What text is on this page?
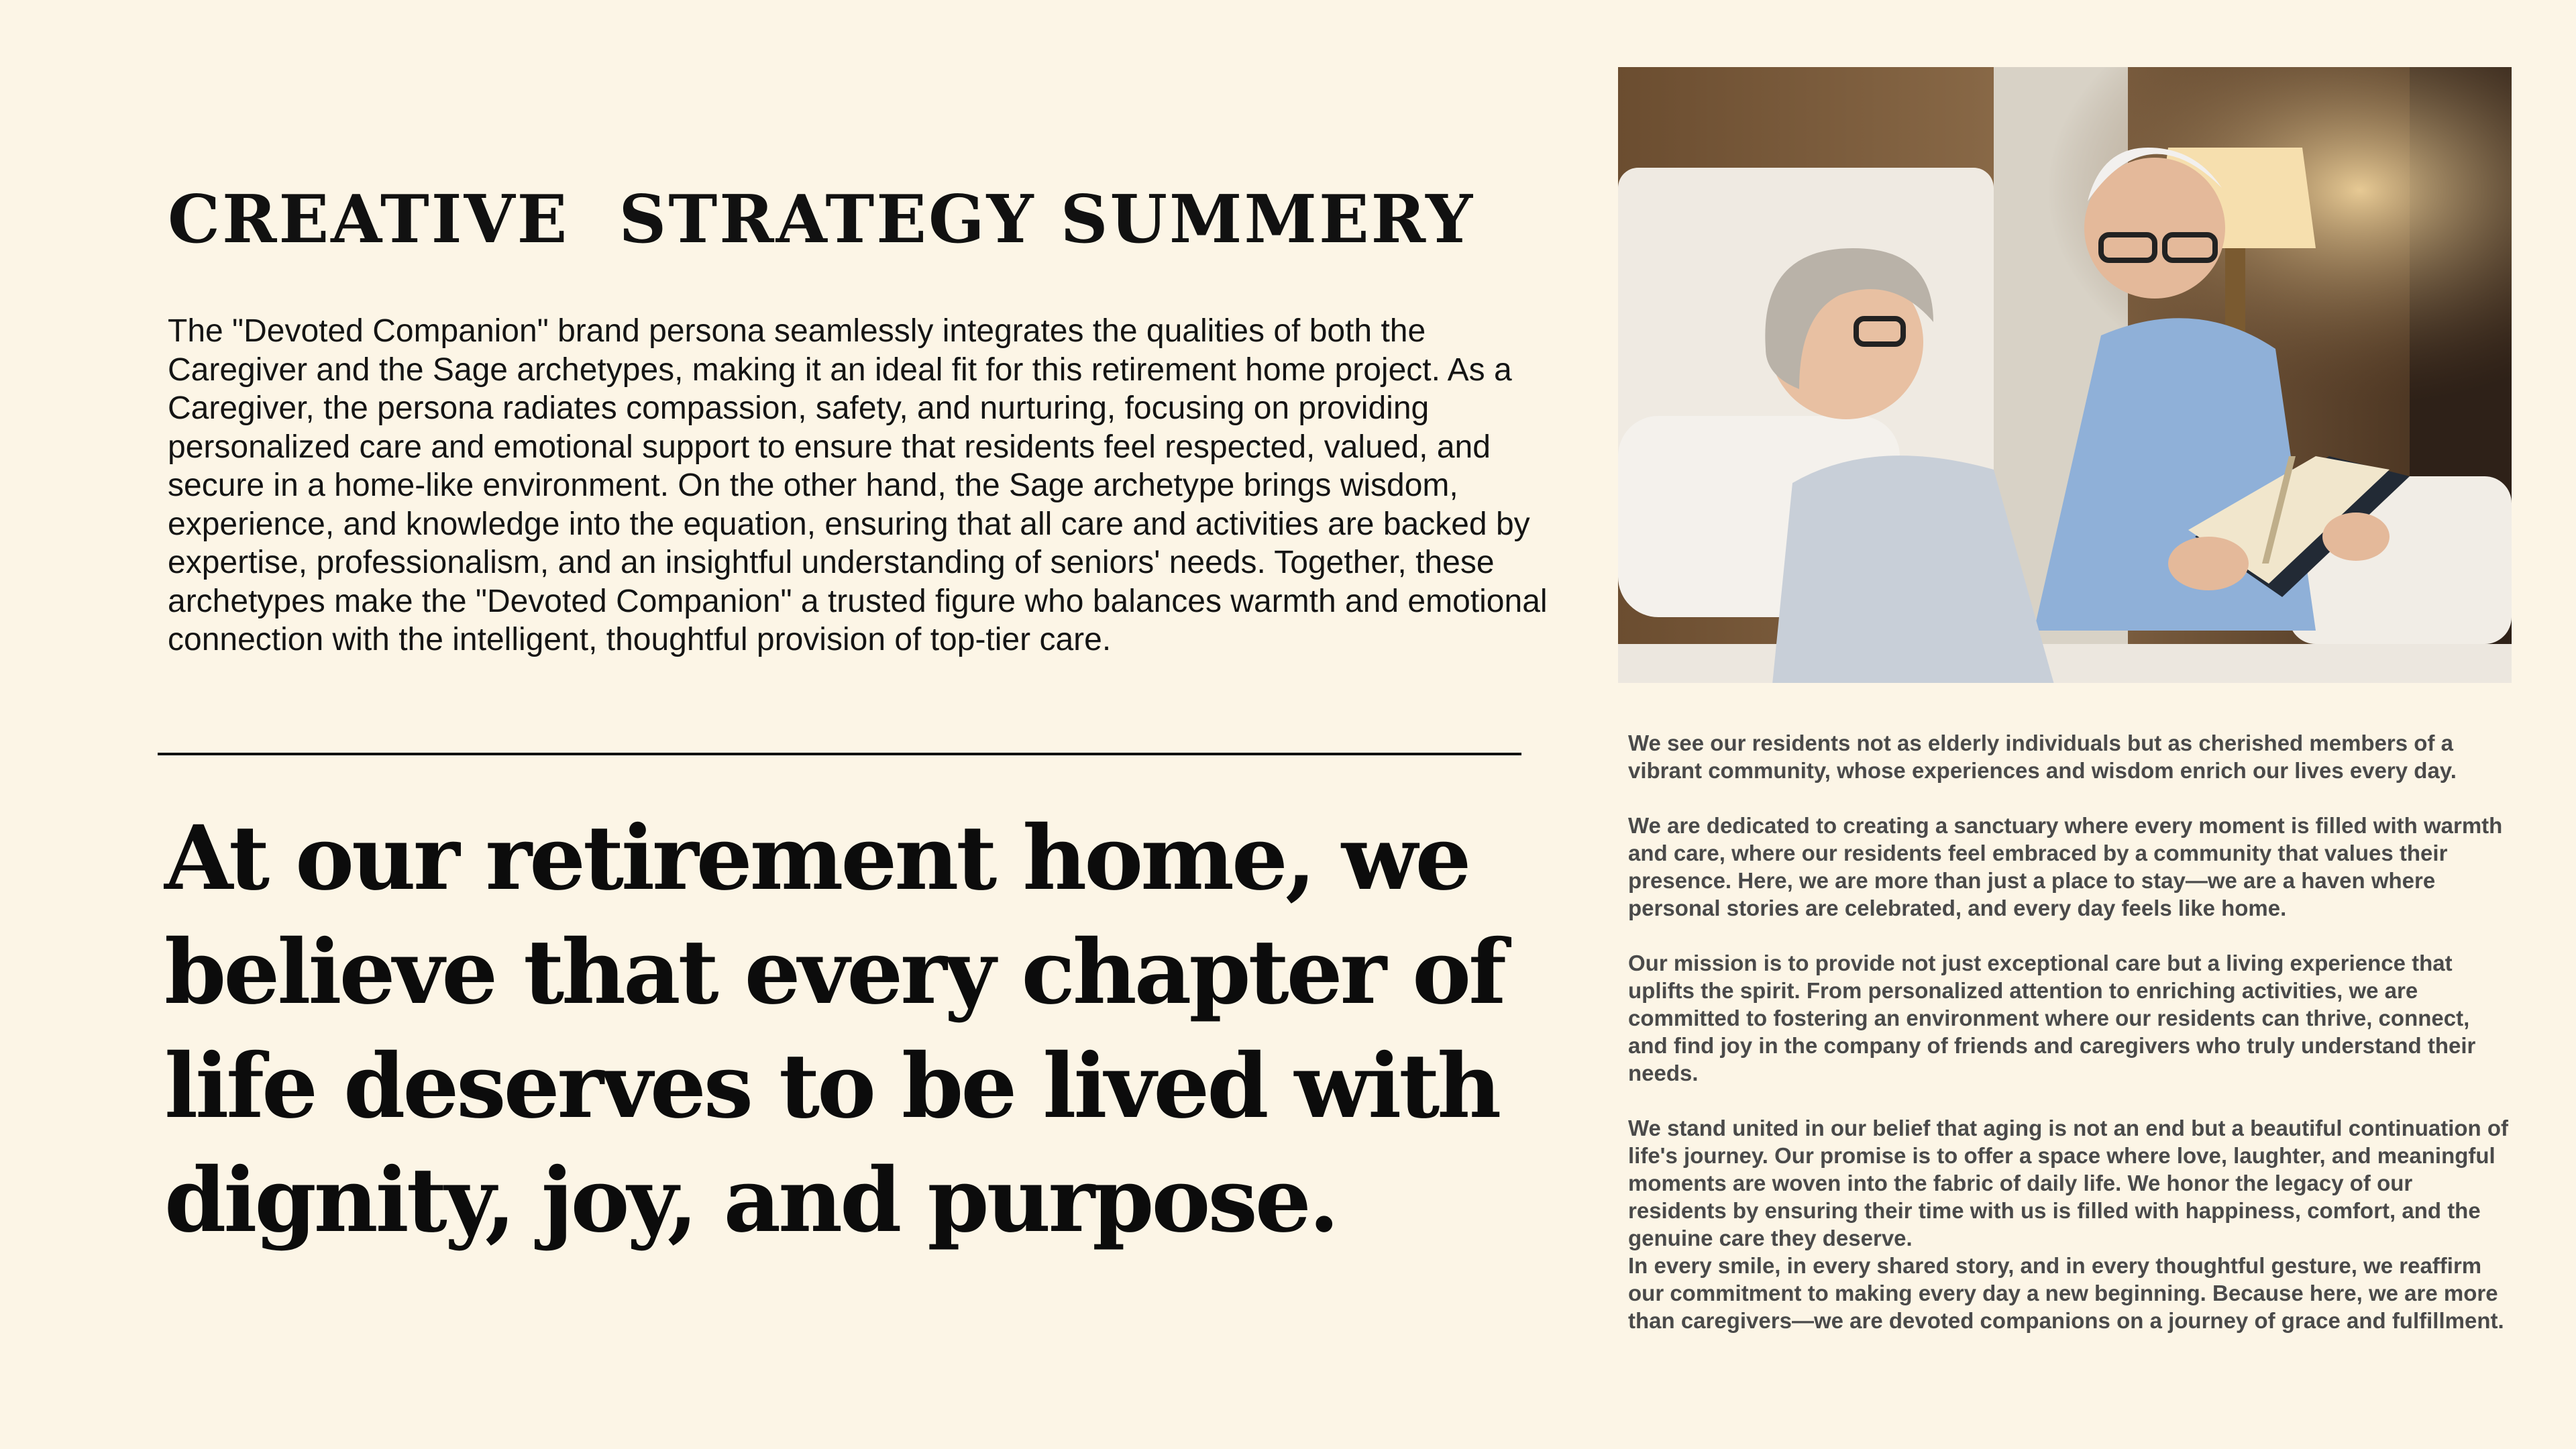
CREATIVE  STRATEGY SUMMERY

The "Devoted Companion" brand persona seamlessly integrates the qualities of both the Caregiver and the Sage archetypes, making it an ideal fit for this retirement home project. As a Caregiver, the persona radiates compassion, safety, and nurturing, focusing on providing personalized care and emotional support to ensure that residents feel respected, valued, and secure in a home-like environment. On the other hand, the Sage archetype brings wisdom, experience, and knowledge into the equation, ensuring that all care and activities are backed by expertise, professionalism, and an insightful understanding of seniors' needs. Together, these archetypes make the "Devoted Companion" a trusted figure who balances warmth and emotional connection with the intelligent, thoughtful provision of top-tier care.

At our retirement home, we believe that every chapter of life deserves to be lived with dignity, joy, and purpose.

We see our residents not as elderly individuals but as cherished members of a vibrant community, whose experiences and wisdom enrich our lives every day.

We are dedicated to creating a sanctuary where every moment is filled with warmth and care, where our residents feel embraced by a community that values their presence. Here, we are more than just a place to stay—we are a haven where personal stories are celebrated, and every day feels like home.

Our mission is to provide not just exceptional care but a living experience that uplifts the spirit. From personalized attention to enriching activities, we are committed to fostering an environment where our residents can thrive, connect, and find joy in the company of friends and caregivers who truly understand their needs.

We stand united in our belief that aging is not an end but a beautiful continuation of life's journey. Our promise is to offer a space where love, laughter, and meaningful moments are woven into the fabric of daily life. We honor the legacy of our residents by ensuring their time with us is filled with happiness, comfort, and the genuine care they deserve.

In every smile, in every shared story, and in every thoughtful gesture, we reaffirm our commitment to making every day a new beginning. Because here, we are more than caregivers—we are devoted companions on a journey of grace and fulfillment.
